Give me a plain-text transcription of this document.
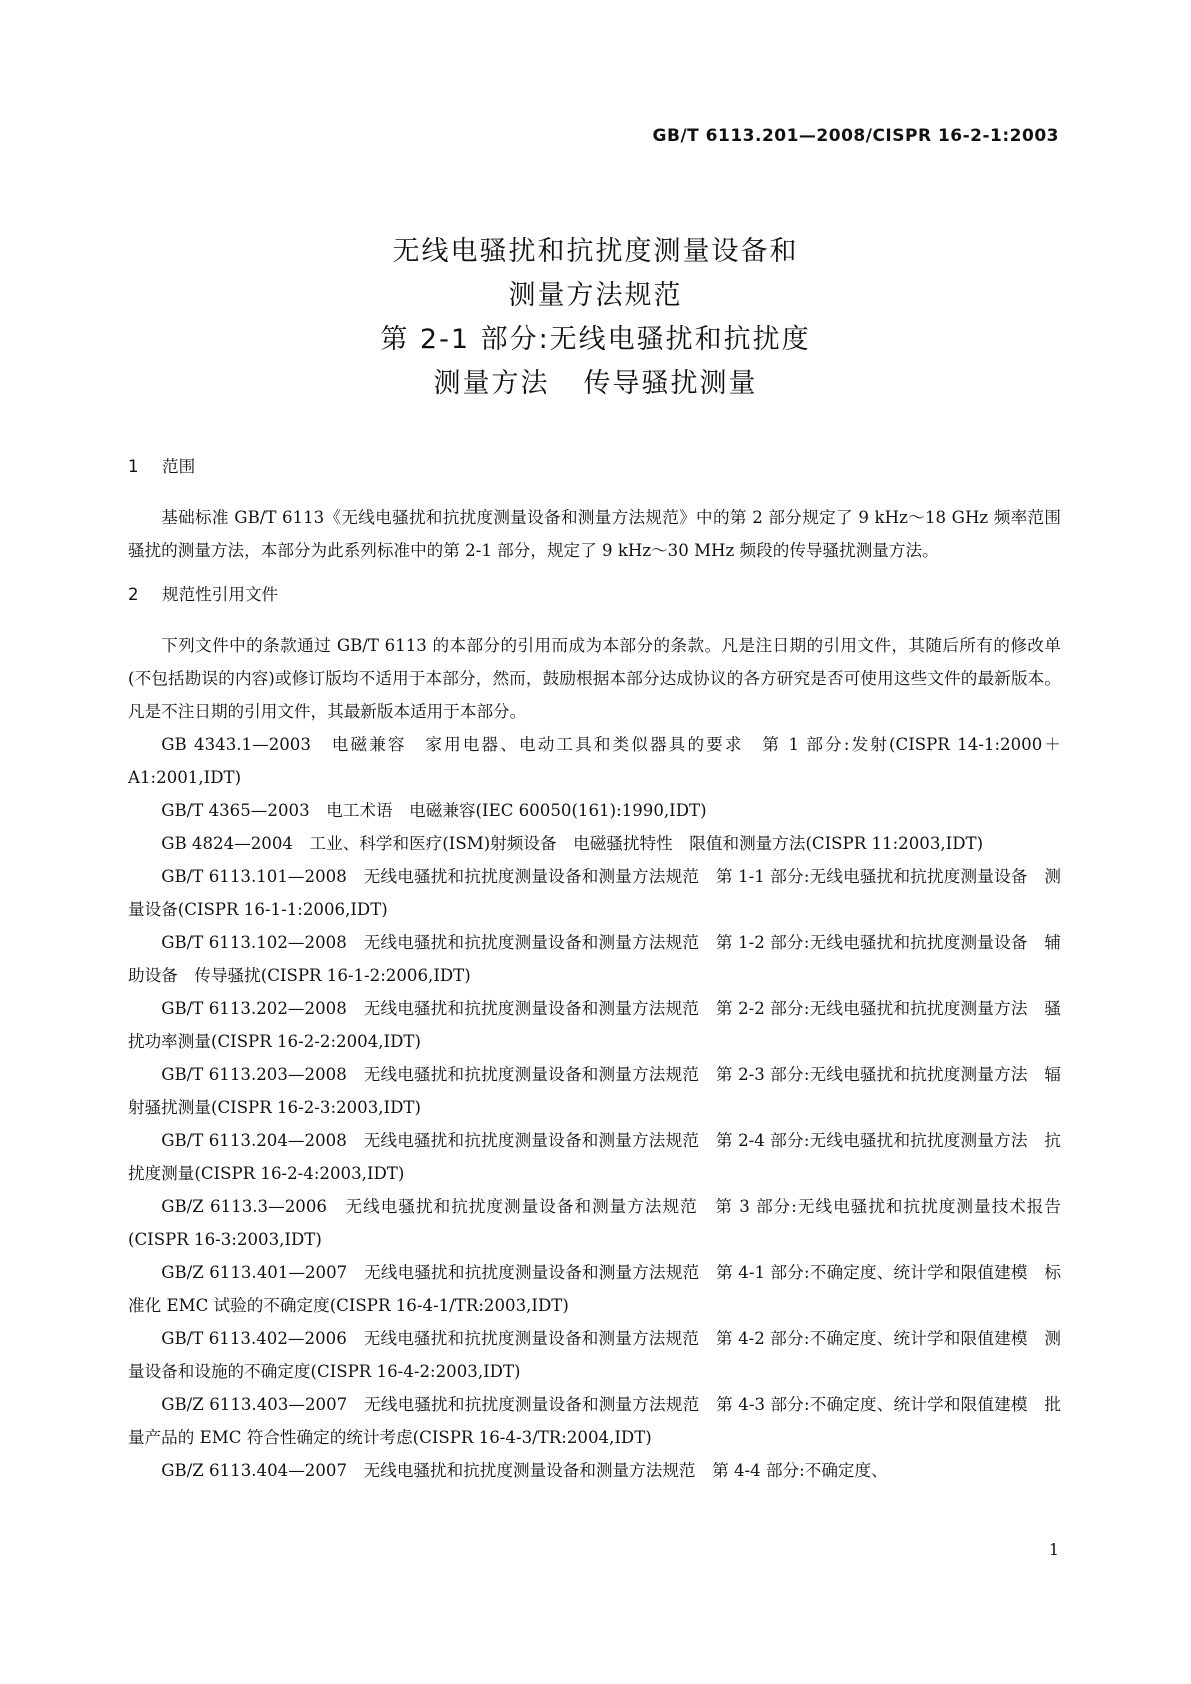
GB/T 6113.201—2008/CISPR 16-2-1:2003
无线电骚扰和抗扰度测量设备和
测量方法规范
第 2-1 部分:无线电骚扰和抗扰度
测量方法 传导骚扰测量
1 范围

基础标准 GB/T 6113《无线电骚扰和抗扰度测量设备和测量方法规范》中的第 2 部分规定了 9 kHz～18 GHz 频率范围骚扰的测量方法，本部分为此系列标准中的第 2-1 部分，规定了 9 kHz～30 MHz 频段的传导骚扰测量方法。

2 规范性引用文件

下列文件中的条款通过 GB/T 6113 的本部分的引用而成为本部分的条款。凡是注日期的引用文件，其随后所有的修改单(不包括勘误的内容)或修订版均不适用于本部分，然而，鼓励根据本部分达成协议的各方研究是否可使用这些文件的最新版本。凡是不注日期的引用文件，其最新版本适用于本部分。

GB 4343.1—2003　电磁兼容　家用电器、电动工具和类似器具的要求　第 1 部分:发射(CISPR 14-1:2000＋A1:2001,IDT)

GB/T 4365—2003　电工术语　电磁兼容(IEC 60050(161):1990,IDT)

GB 4824—2004　工业、科学和医疗(ISM)射频设备　电磁骚扰特性　限值和测量方法(CISPR 11:2003,IDT)

GB/T 6113.101—2008　无线电骚扰和抗扰度测量设备和测量方法规范　第 1-1 部分:无线电骚扰和抗扰度测量设备　测量设备(CISPR 16-1-1:2006,IDT)

GB/T 6113.102—2008　无线电骚扰和抗扰度测量设备和测量方法规范　第 1-2 部分:无线电骚扰和抗扰度测量设备　辅助设备　传导骚扰(CISPR 16-1-2:2006,IDT)

GB/T 6113.202—2008　无线电骚扰和抗扰度测量设备和测量方法规范　第 2-2 部分:无线电骚扰和抗扰度测量方法　骚扰功率测量(CISPR 16-2-2:2004,IDT)

GB/T 6113.203—2008　无线电骚扰和抗扰度测量设备和测量方法规范　第 2-3 部分:无线电骚扰和抗扰度测量方法　辐射骚扰测量(CISPR 16-2-3:2003,IDT)

GB/T 6113.204—2008　无线电骚扰和抗扰度测量设备和测量方法规范　第 2-4 部分:无线电骚扰和抗扰度测量方法　抗扰度测量(CISPR 16-2-4:2003,IDT)

GB/Z 6113.3—2006　无线电骚扰和抗扰度测量设备和测量方法规范　第 3 部分:无线电骚扰和抗扰度测量技术报告(CISPR 16-3:2003,IDT)

GB/Z 6113.401—2007　无线电骚扰和抗扰度测量设备和测量方法规范　第 4-1 部分:不确定度、统计学和限值建模　标准化 EMC 试验的不确定度(CISPR 16-4-1/TR:2003,IDT)

GB/T 6113.402—2006　无线电骚扰和抗扰度测量设备和测量方法规范　第 4-2 部分:不确定度、统计学和限值建模　测量设备和设施的不确定度(CISPR 16-4-2:2003,IDT)

GB/Z 6113.403—2007　无线电骚扰和抗扰度测量设备和测量方法规范　第 4-3 部分:不确定度、统计学和限值建模　批量产品的 EMC 符合性确定的统计考虑(CISPR 16-4-3/TR:2004,IDT)

GB/Z 6113.404—2007　无线电骚扰和抗扰度测量设备和测量方法规范　第 4-4 部分:不确定度、

1
